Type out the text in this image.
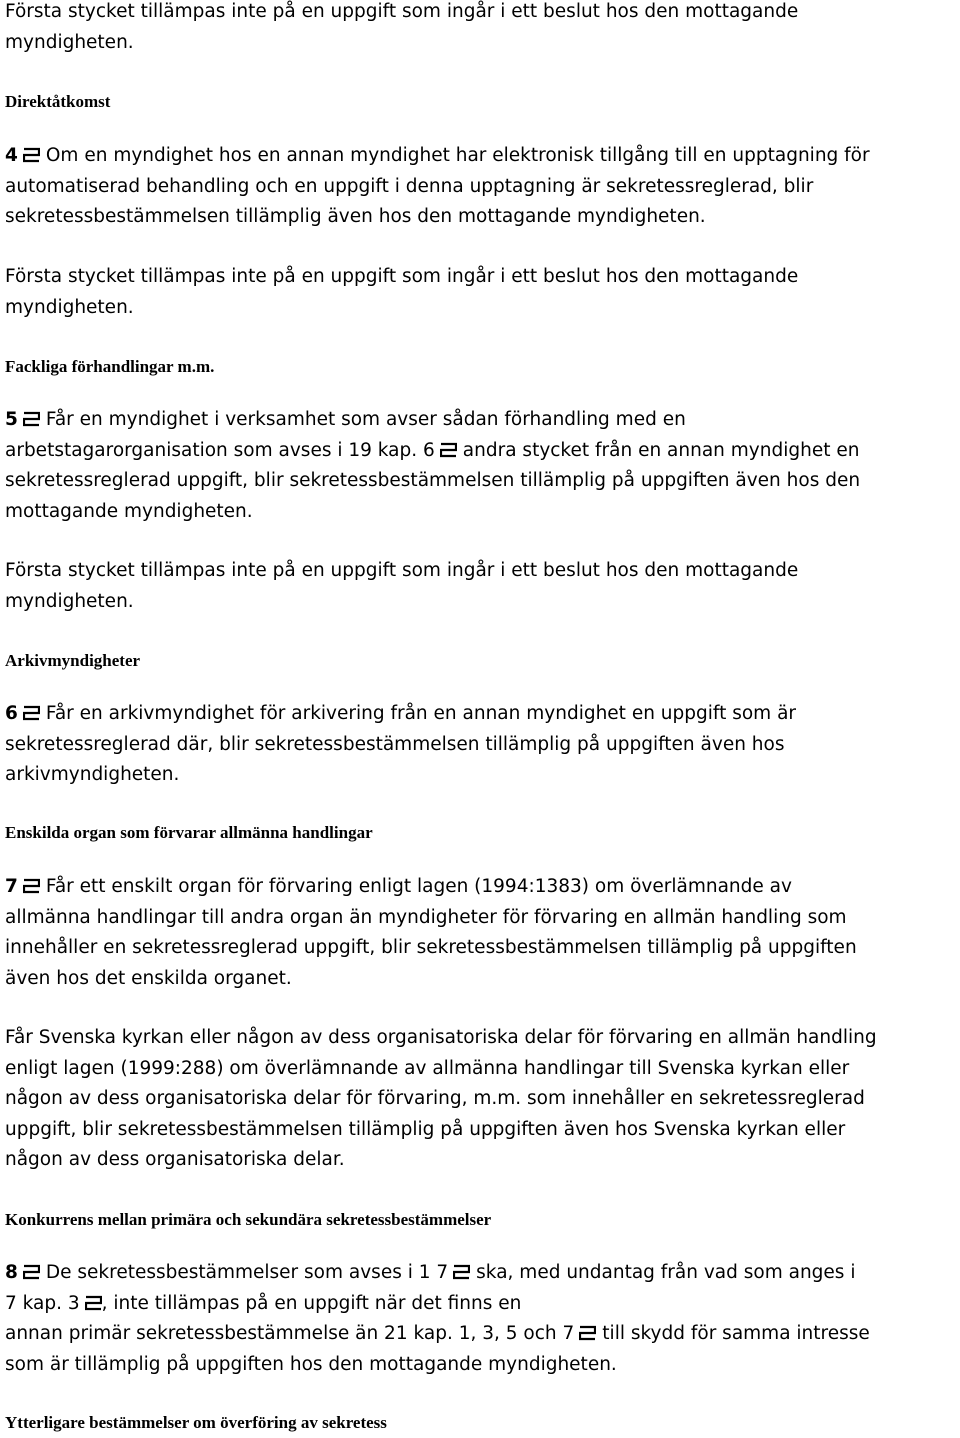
Första stycket tillämpas inte på en uppgift som ingår i ett beslut hos den mottagande
myndigheten.

Direktåtkomst

4 Om en myndighet hos en annan myndighet har elektronisk tillgång till en upptagning för
automatiserad behandling och en uppgift i denna upptagning är sekretessreglerad, blir
sekretessbestämmelsen tillämplig även hos den mottagande myndigheten.

Första stycket tillämpas inte på en uppgift som ingår i ett beslut hos den mottagande
myndigheten.

Fackliga förhandlingar m.m.

5 Får en myndighet i verksamhet som avser sådan förhandling med en
arbetstagarorganisation som avses i 19 kap. 6 andra stycket från en annan myndighet en
sekretessreglerad uppgift, blir sekretessbestämmelsen tillämplig på uppgiften även hos den
mottagande myndigheten.

Första stycket tillämpas inte på en uppgift som ingår i ett beslut hos den mottagande
myndigheten.

Arkivmyndigheter

6 Får en arkivmyndighet för arkivering från en annan myndighet en uppgift som är
sekretessreglerad där, blir sekretessbestämmelsen tillämplig på uppgiften även hos
arkivmyndigheten.

Enskilda organ som förvarar allmänna handlingar

7 Får ett enskilt organ för förvaring enligt lagen (1994:1383) om överlämnande av
allmänna handlingar till andra organ än myndigheter för förvaring en allmän handling som
innehåller en sekretessreglerad uppgift, blir sekretessbestämmelsen tillämplig på uppgiften
även hos det enskilda organet.

Får Svenska kyrkan eller någon av dess organisatoriska delar för förvaring en allmän handling
enligt lagen (1999:288) om överlämnande av allmänna handlingar till Svenska kyrkan eller
någon av dess organisatoriska delar för förvaring, m.m. som innehåller en sekretessreglerad
uppgift, blir sekretessbestämmelsen tillämplig på uppgiften även hos Svenska kyrkan eller
någon av dess organisatoriska delar.

Konkurrens mellan primära och sekundära sekretessbestämmelser

8 De sekretessbestämmelser som avses i 1 7 ska, med undantag från vad som anges i
7 kap. 3 , inte tillämpas på en uppgift när det finns en
annan primär sekretessbestämmelse än 21 kap. 1, 3, 5 och 7 till skydd för samma intresse
som är tillämplig på uppgiften hos den mottagande myndigheten.

Ytterligare bestämmelser om överföring av sekretess
